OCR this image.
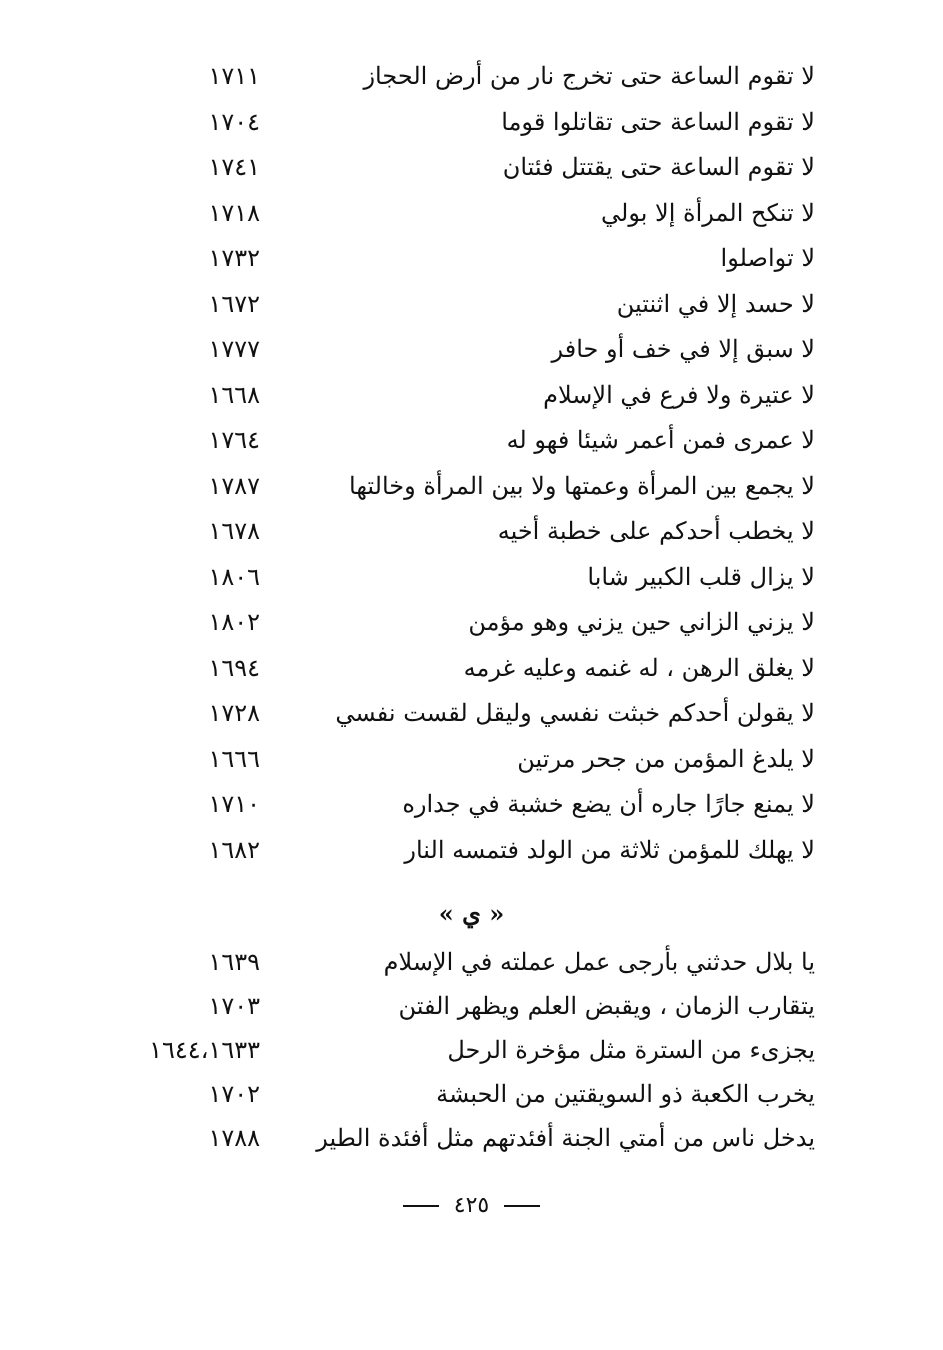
لا تقوم الساعة حتى تخرج نار من أرض الحجاز
١٧١١
لا تقوم الساعة حتى تقاتلوا قوما
١٧٠٤
لا تقوم الساعة حتى يقتتل فئتان
١٧٤١
لا تنكح المرأة إلا بولي
١٧١٨
لا تواصلوا
١٧٣٢
لا حسد إلا في اثنتين
١٦٧٢
لا سبق إلا في خف أو حافر
١٧٧٧
لا عتيرة ولا فرع في الإسلام
١٦٦٨
لا عمرى فمن أعمر شيئا فهو له
١٧٦٤
لا يجمع بين المرأة وعمتها ولا بين المرأة وخالتها
١٧٨٧
لا يخطب أحدكم على خطبة أخيه
١٦٧٨
لا يزال قلب الكبير شابا
١٨٠٦
لا يزني الزاني حين يزني وهو مؤمن
١٨٠٢
لا يغلق الرهن ، له غنمه وعليه غرمه
١٦٩٤
لا يقولن أحدكم خبثت نفسي وليقل لقست نفسي
١٧٢٨
لا يلدغ المؤمن من جحر مرتين
١٦٦٦
لا يمنع جارًا جاره أن يضع خشبة في جداره
١٧١٠
لا يهلك للمؤمن ثلاثة من الولد فتمسه النار
١٦٨٢
« ي »
يا بلال حدثني بأرجى عمل عملته في الإسلام
١٦٣٩
يتقارب الزمان ، ويقبض العلم ويظهر الفتن
١٧٠٣
يجزىء من السترة مثل مؤخرة الرحل
١٦٤٤،١٦٣٣
يخرب الكعبة ذو السويقتين من الحبشة
١٧٠٢
يدخل ناس من أمتي الجنة أفئدتهم مثل أفئدة الطير
١٧٨٨
٤٢٥
